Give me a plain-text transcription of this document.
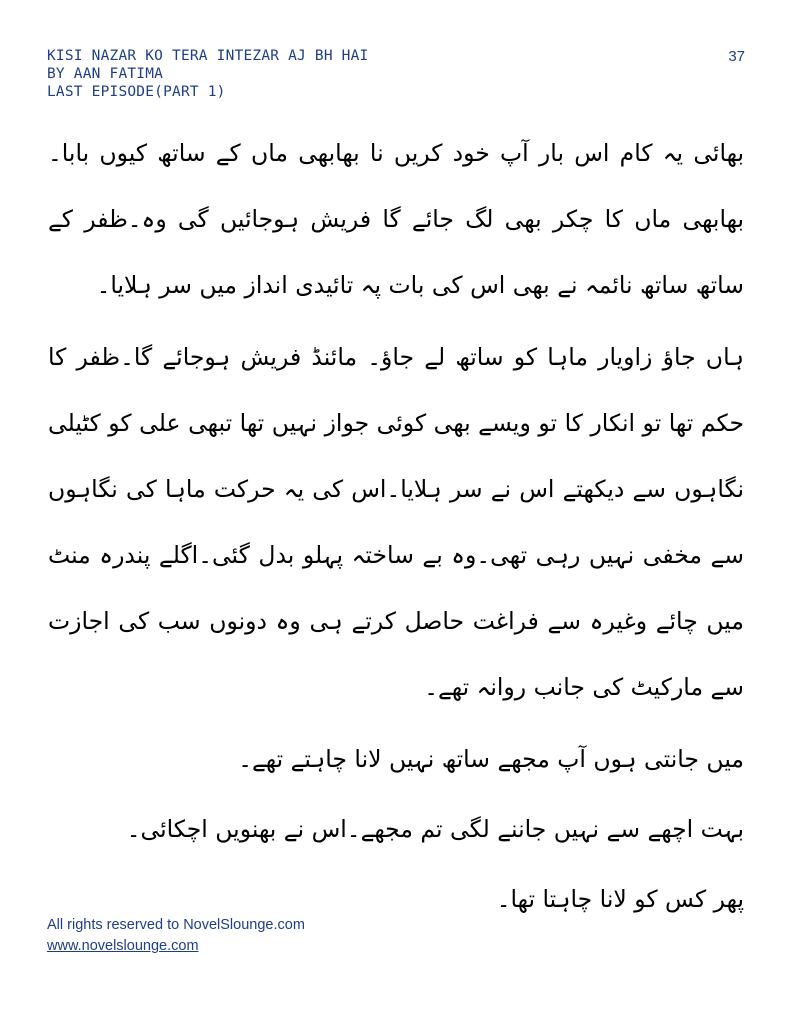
KISI NAZAR KO TERA INTEZAR AJ BH HAI
BY AAN FATIMA
LAST EPISODE(PART 1)
37

بھائی یہ کام اس بار آپ خود کریں نا بھابھی ماں کے ساتھ کیوں بابا۔ بھابھی ماں کا چکر بھی لگ جائے گا فریش ہوجائیں گی وہ۔ظفر کے ساتھ ساتھ نائمہ نے بھی اس کی بات پہ تائیدی انداز میں سر ہلایا۔

ہاں جاؤ زاویار ماہا کو ساتھ لے جاؤ۔ مائنڈ فریش ہوجائے گا۔ظفر کا حکم تھا تو انکار کا تو ویسے بھی کوئی جواز نہیں تھا تبھی علی کو کٹیلی نگاہوں سے دیکھتے اس نے سر ہلایا۔اس کی یہ حرکت ماہا کی نگاہوں سے مخفی نہیں رہی تھی۔وہ بے ساختہ پہلو بدل گئی۔اگلے پندرہ منٹ میں چائے وغیرہ سے فراغت حاصل کرتے ہی وہ دونوں سب کی اجازت سے مارکیٹ کی جانب روانہ تھے۔

میں جانتی ہوں آپ مجھے ساتھ نہیں لانا چاہتے تھے۔

بہت اچھے سے نہیں جاننے لگی تم مجھے۔اس نے بھنویں اچکائی۔

پھر کس کو لانا چاہتا تھا۔

All rights reserved to NovelSlounge.com
www.novelslounge.com
